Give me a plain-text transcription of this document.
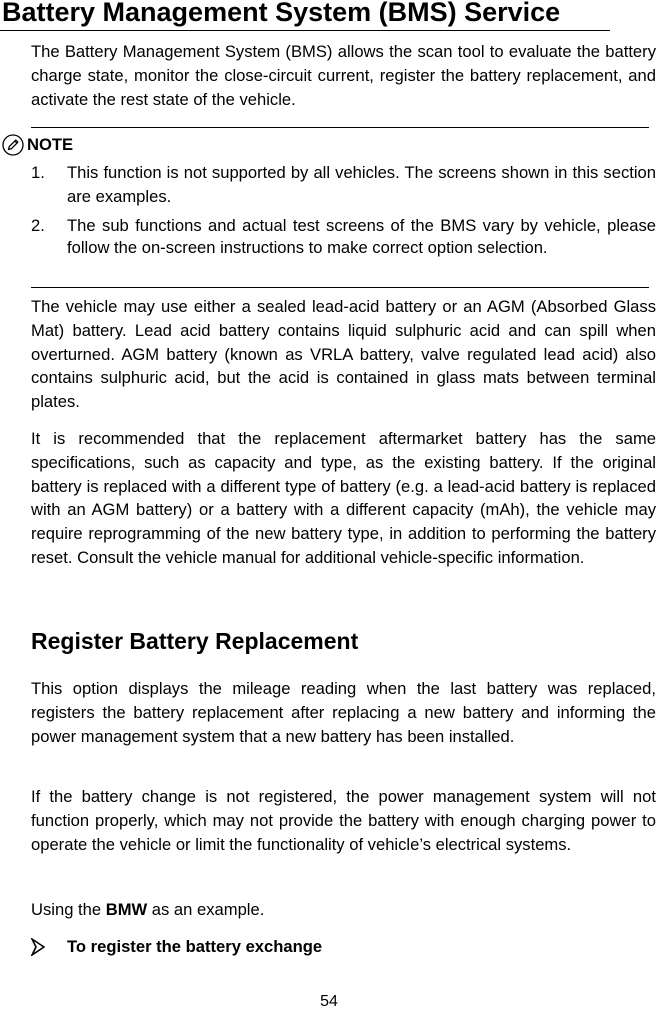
Battery Management System (BMS) Service

The Battery Management System (BMS) allows the scan tool to evaluate the battery charge state, monitor the close-circuit current, register the battery replacement, and activate the rest state of the vehicle.

NOTE
1. This function is not supported by all vehicles. The screens shown in this section are examples.

2. The sub functions and actual test screens of the BMS vary by vehicle, please follow the on-screen instructions to make correct option selection.

The vehicle may use either a sealed lead-acid battery or an AGM (Absorbed Glass Mat) battery. Lead acid battery contains liquid sulphuric acid and can spill when overturned. AGM battery (known as VRLA battery, valve regulated lead acid) also contains sulphuric acid, but the acid is contained in glass mats between terminal plates.

It is recommended that the replacement aftermarket battery has the same specifications, such as capacity and type, as the existing battery. If the original battery is replaced with a different type of battery (e.g. a lead-acid battery is replaced with an AGM battery) or a battery with a different capacity (mAh), the vehicle may require reprogramming of the new battery type, in addition to performing the battery reset. Consult the vehicle manual for additional vehicle-specific information.

Register Battery Replacement

This option displays the mileage reading when the last battery was replaced, registers the battery replacement after replacing a new battery and informing the power management system that a new battery has been installed.

If the battery change is not registered, the power management system will not function properly, which may not provide the battery with enough charging power to operate the vehicle or limit the functionality of vehicle’s electrical systems.

Using the BMW as an example.

To register the battery exchange

54
